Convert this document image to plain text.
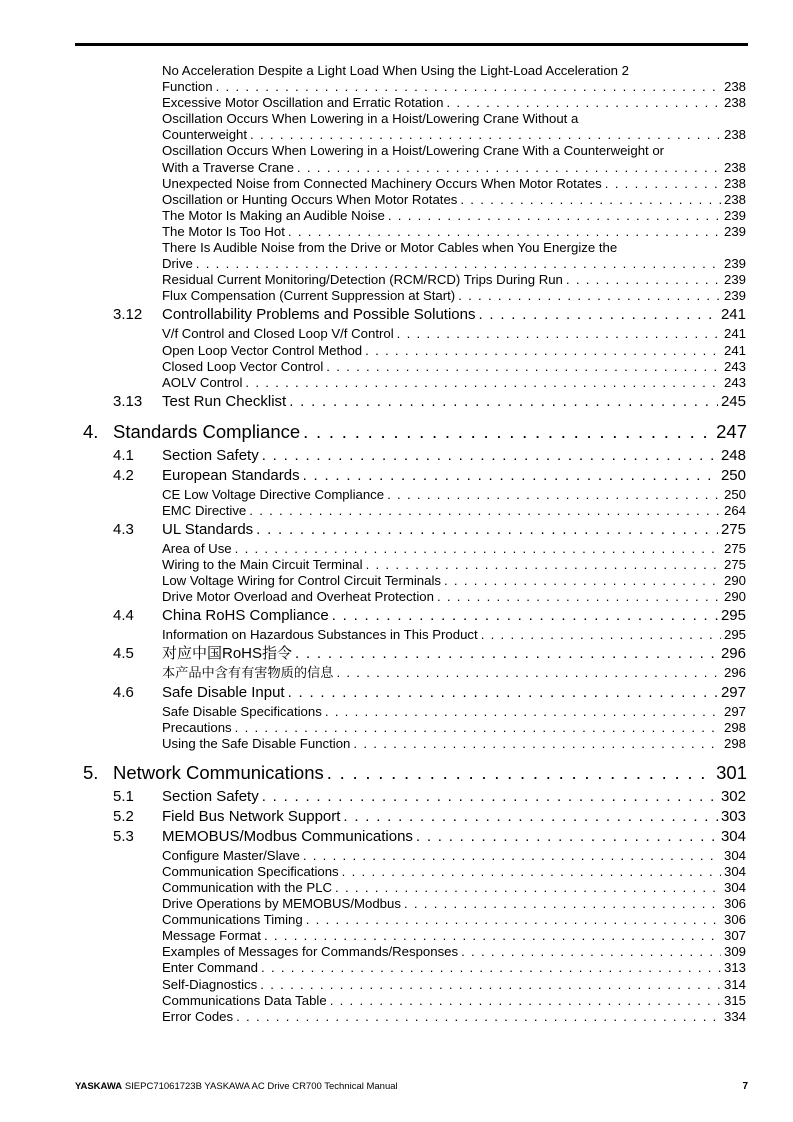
No Acceleration Despite a Light Load When Using the Light-Load Acceleration 2
Function . . .	238
Excessive Motor Oscillation and Erratic Rotation . . .	238
Oscillation Occurs When Lowering in a Hoist/Lowering Crane Without a
Counterweight . . .	238
Oscillation Occurs When Lowering in a Hoist/Lowering Crane With a Counterweight or
With a Traverse Crane . . .	238
Unexpected Noise from Connected Machinery Occurs When Motor Rotates . . .	238
Oscillation or Hunting Occurs When Motor Rotates . . .	238
The Motor Is Making an Audible Noise . . .	239
The Motor Is Too Hot . . .	239
There Is Audible Noise from the Drive or Motor Cables when You Energize the
Drive . . .	239
Residual Current Monitoring/Detection (RCM/RCD) Trips During Run . . .	239
Flux Compensation (Current Suppression at Start) . . .	239
3.12 Controllability Problems and Possible Solutions . . .	241
V/f Control and Closed Loop V/f Control . . .	241
Open Loop Vector Control Method . . .	241
Closed Loop Vector Control . . .	243
AOLV Control . . .	243
3.13 Test Run Checklist . . .	245
4. Standards Compliance . . .	247
4.1 Section Safety . . .	248
4.2 European Standards . . .	250
CE Low Voltage Directive Compliance . . .	250
EMC Directive . . .	264
4.3 UL Standards . . .	275
Area of Use . . .	275
Wiring to the Main Circuit Terminal . . .	275
Low Voltage Wiring for Control Circuit Terminals . . .	290
Drive Motor Overload and Overheat Protection . . .	290
4.4 China RoHS Compliance . . .	295
Information on Hazardous Substances in This Product . . .	295
4.5 对应中国RoHS指令 . . .	296
本产品中含有有害物质的信息 . . .	296
4.6 Safe Disable Input . . .	297
Safe Disable Specifications . . .	297
Precautions . . .	298
Using the Safe Disable Function . . .	298
5. Network Communications . . .	301
5.1 Section Safety . . .	302
5.2 Field Bus Network Support . . .	303
5.3 MEMOBUS/Modbus Communications . . .	304
Configure Master/Slave . . .	304
Communication Specifications . . .	304
Communication with the PLC . . .	304
Drive Operations by MEMOBUS/Modbus . . .	306
Communications Timing . . .	306
Message Format . . .	307
Examples of Messages for Commands/Responses . . .	309
Enter Command . . .	313
Self-Diagnostics . . .	314
Communications Data Table . . .	315
Error Codes . . .	334
YASKAWA SIEPC71061723B YASKAWA AC Drive CR700 Technical Manual	7
